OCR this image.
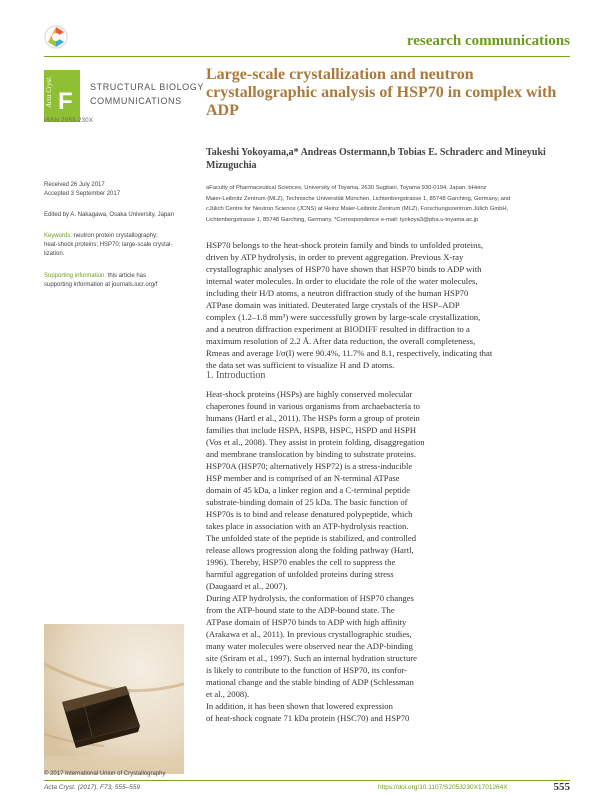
research communications
Acta Cryst. F
STRUCTURAL BIOLOGY
COMMUNICATIONS
ISSN 2053-230X
Large-scale crystallization and neutron crystallographic analysis of HSP70 in complex with ADP
Takeshi Yokoyama,a* Andreas Ostermann,b Tobias E. Schraderc and Mineyuki Mizuguchia
aFaculty of Pharmaceutical Sciences, University of Toyama, 2630 Sugitani, Toyama 930-0194, Japan, bHeinz
Maier-Leibnitz Zentrum (MLZ), Technische Universität München, Lichtenbergstrasse 1, 85748 Garching, Germany, and
cJülich Centre for Neutron Science (JCNS) at Heinz Maier-Leibnitz Zentrum (MLZ), Forschungszentrum Jülich GmbH,
Lichtenbergstrasse 1, 85748 Garching, Germany. *Correspondence e-mail: tyokoya3@pha.u-toyama.ac.jp
Received 26 July 2017
Accepted 3 September 2017
Edited by A. Nakagawa, Osaka University, Japan
Keywords: neutron protein crystallography;
heat-shock proteins; HSP70; large-scale crystal-
lization.
Supporting information: this article has
supporting information at journals.iucr.org/f
HSP70 belongs to the heat-shock protein family and binds to unfolded proteins,
driven by ATP hydrolysis, in order to prevent aggregation. Previous X-ray
crystallographic analyses of HSP70 have shown that HSP70 binds to ADP with
internal water molecules. In order to elucidate the role of the water molecules,
including their H/D atoms, a neutron diffraction study of the human HSP70
ATPase domain was initiated. Deuterated large crystals of the HSP–ADP
complex (1.2–1.8 mm³) were successfully grown by large-scale crystallization,
and a neutron diffraction experiment at BIODIFF resulted in diffraction to a
maximum resolution of 2.2 Å. After data reduction, the overall completeness,
Rmeas and average I/σ(I) were 90.4%, 11.7% and 8.1, respectively, indicating that
the data set was sufficient to visualize H and D atoms.
1. Introduction
Heat-shock proteins (HSPs) are highly conserved molecular
chaperones found in various organisms from archaebacteria to
humans (Hartl et al., 2011). The HSPs form a group of protein
families that include HSPA, HSPB, HSPC, HSPD and HSPH
(Vos et al., 2008). They assist in protein folding, disaggregation
and membrane translocation by binding to substrate proteins.
HSP70A (HSP70; alternatively HSP72) is a stress-inducible
HSP member and is comprised of an N-terminal ATPase
domain of 45 kDa, a linker region and a C-terminal peptide
substrate-binding domain of 25 kDa. The basic function of
HSP70s is to bind and release denatured polypeptide, which
takes place in association with an ATP-hydrolysis reaction.
The unfolded state of the peptide is stabilized, and controlled
release allows progression along the folding pathway (Hartl,
1996). Thereby, HSP70 enables the cell to suppress the
harmful aggregation of unfolded proteins during stress
(Daugaard et al., 2007).
During ATP hydrolysis, the conformation of HSP70 changes
from the ATP-bound state to the ADP-bound state. The
ATPase domain of HSP70 binds to ADP with high affinity
(Arakawa et al., 2011). In previous crystallographic studies,
many water molecules were observed near the ADP-binding
site (Sriram et al., 1997). Such an internal hydration structure
is likely to contribute to the function of HSP70, its confor-
mational change and the stable binding of ADP (Schlessman
et al., 2008).
In addition, it has been shown that lowered expression
of heat-shock cognate 71 kDa protein (HSC70) and HSP70
© 2017 International Union of Crystallography
Acta Cryst. (2017). F73, 555–559	https://doi.org/10.1107/S2053230X1701264X	555
